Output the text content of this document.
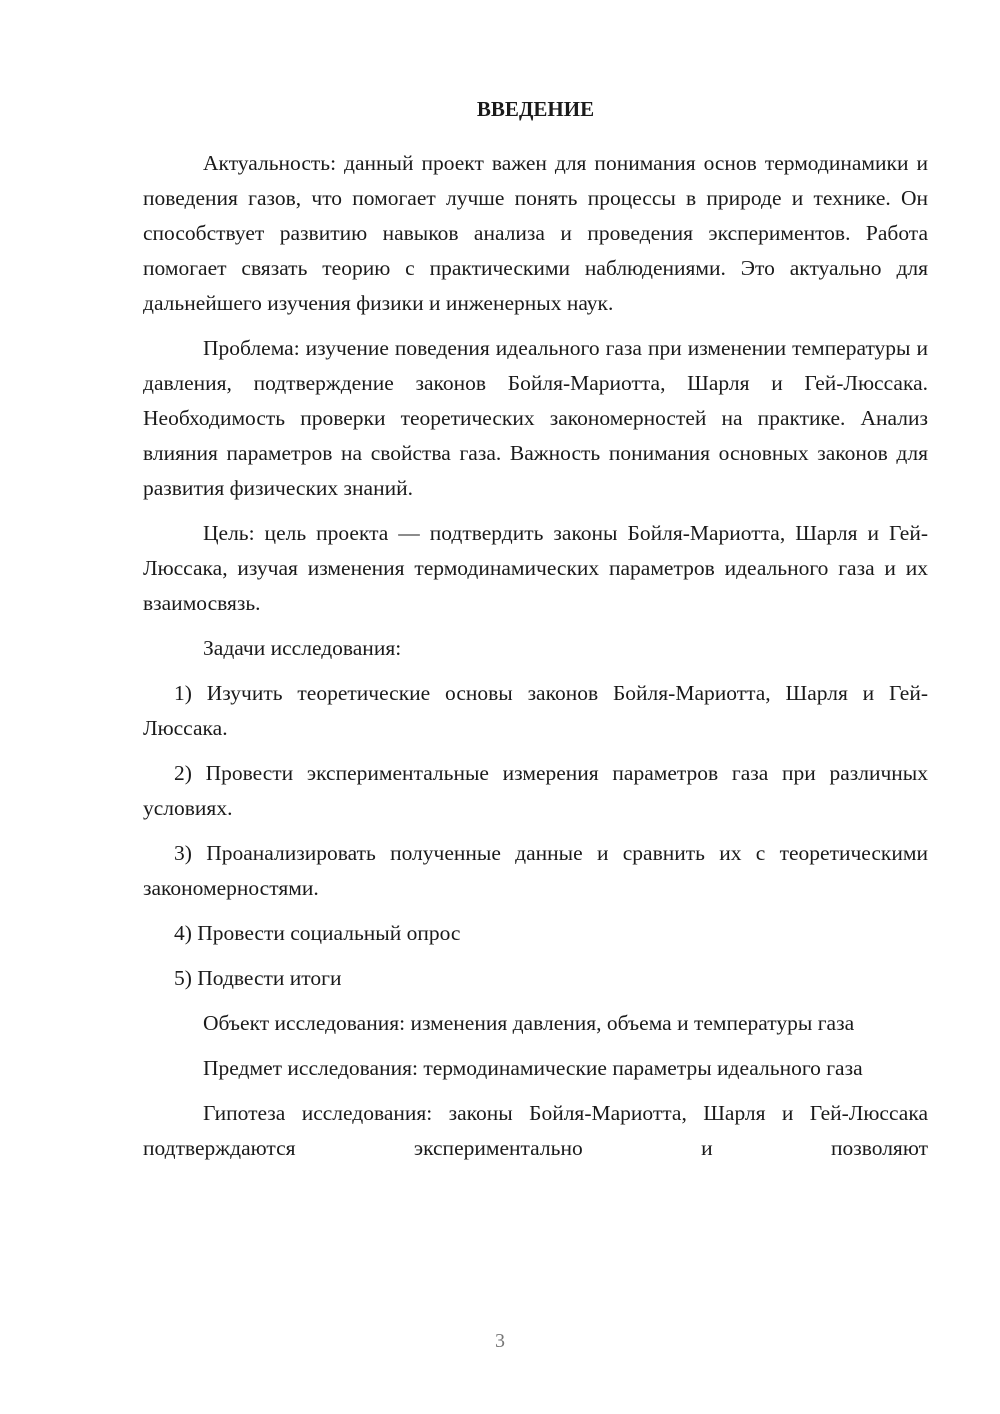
ВВЕДЕНИЕ

Актуальность: данный проект важен для понимания основ термодинамики и поведения газов, что помогает лучше понять процессы в природе и технике. Он способствует развитию навыков анализа и проведения экспериментов. Работа помогает связать теорию с практическими наблюдениями. Это актуально для дальнейшего изучения физики и инженерных наук.

Проблема: изучение поведения идеального газа при изменении температуры и давления, подтверждение законов Бойля-Мариотта, Шарля и Гей-Люссака. Необходимость проверки теоретических закономерностей на практике. Анализ влияния параметров на свойства газа. Важность понимания основных законов для развития физических знаний.

Цель: цель проекта — подтвердить законы Бойля-Мариотта, Шарля и Гей-Люссака, изучая изменения термодинамических параметров идеального газа и их взаимосвязь.

Задачи исследования:

1) Изучить теоретические основы законов Бойля-Мариотта, Шарля и Гей-Люссака.

2) Провести экспериментальные измерения параметров газа при различных условиях.

3) Проанализировать полученные данные и сравнить их с теоретическими закономерностями.

4) Провести социальный опрос

5) Подвести итоги

Объект исследования: изменения давления, объема и температуры газа

Предмет исследования: термодинамические параметры идеального газа

Гипотеза исследования: законы Бойля-Мариотта, Шарля и Гей-Люссака подтверждаются экспериментально и позволяют

3
